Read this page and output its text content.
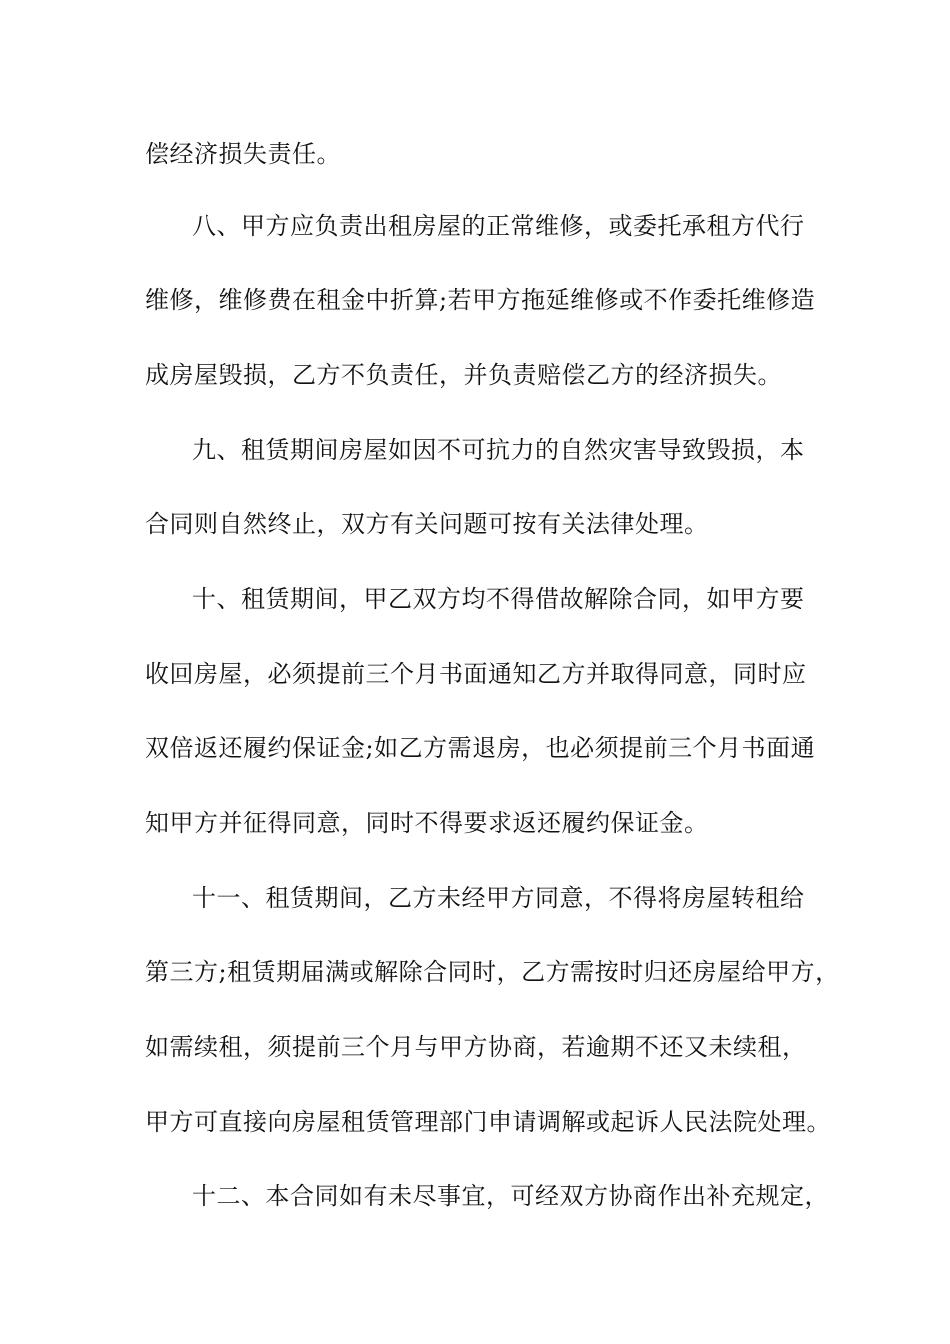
偿经济损失责任。
八、甲方应负责出租房屋的正常维修，或委托承租方代行
维修，维修费在租金中折算;若甲方拖延维修或不作委托维修造
成房屋毁损，乙方不负责任，并负责赔偿乙方的经济损失。
九、租赁期间房屋如因不可抗力的自然灾害导致毁损，本
合同则自然终止，双方有关问题可按有关法律处理。
十、租赁期间，甲乙双方均不得借故解除合同，如甲方要
收回房屋，必须提前三个月书面通知乙方并取得同意，同时应
双倍返还履约保证金;如乙方需退房，也必须提前三个月书面通
知甲方并征得同意，同时不得要求返还履约保证金。
十一、租赁期间，乙方未经甲方同意，不得将房屋转租给
第三方;租赁期届满或解除合同时，乙方需按时归还房屋给甲方，
如需续租，须提前三个月与甲方协商，若逾期不还又未续租，
甲方可直接向房屋租赁管理部门申请调解或起诉人民法院处理。
十二、本合同如有未尽事宜，可经双方协商作出补充规定，
